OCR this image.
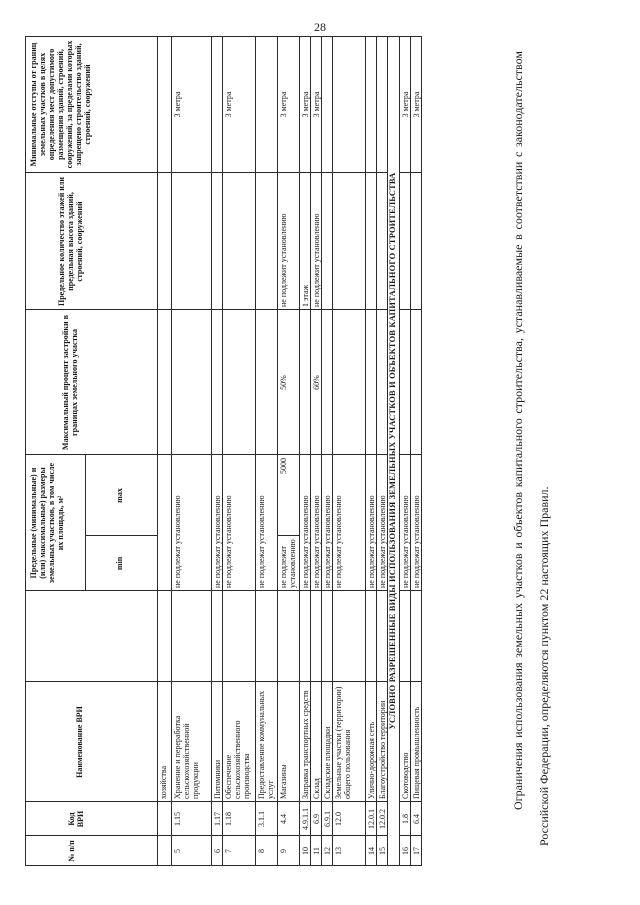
28
№ п/п
Код ВРИ
Наименование ВРИ
Предельные (минимальные) и (или) максимальные) размеры земельных участков, в том числе их площадь, м²
min
max
Максимальный процент застройки в границах земельного участка
Предельное количество этажей или предельная высота зданий, строений, сооружений
Минимальные отступы от границ земельных участков в целях определения мест допустимого размещения зданий, строений, сооружений, за пределами которых запрещено строительство зданий, строений, сооружений
УСЛОВНО РАЗРЕШЕННЫЕ ВИДЫ ИСПОЛЬЗОВАНИЯ ЗЕМЕЛЬНЫХ УЧАСТКОВ И ОБЪЕКТОВ КАПИТАЛЬНОГО СТРОИТЕЛЬСТВА
хозяйства
5
1.15
Хранение и переработка сельскохозяйственной продукции
не подлежат установлению
3 метра
6
1.17
Питомники
не подлежат установлению
7
1.18
Обеспечение сельскохозяйственного производства
не подлежат установлению
3 метра
8
3.1.1
Предоставление коммунальных услуг
не подлежат установлению
9
4.4
Магазины
не подлежат установлению
5000
50%
не подлежит установлению
3 метра
10
4.9.1.1
Заправка транспортных средств
не подлежат установлению
1 этаж
3 метра
11
6.9
Склад
не подлежат установлению
60%
не подлежит установлению
3 метра
12
6.9.1
Складские площадки
не подлежат установлению
13
12.0
Земельные участки (территории) общего пользования
не подлежат установлению
14
12.0.1
Улично-дорожная сеть
не подлежат установлению
15
12.0.2
Благоустройство территории
не подлежат установлению
16
1.8
Скотоводство
не подлежат установлению
3 метра
17
6.4
Пищевая промышленность
не подлежат установлению
3 метра	Ограничения использования земельных участков и объектов капитального строительства, устанавливаемые в соответствии с законодательством Российской Федерации, определяются пунктом 22 настоящих Правил.
